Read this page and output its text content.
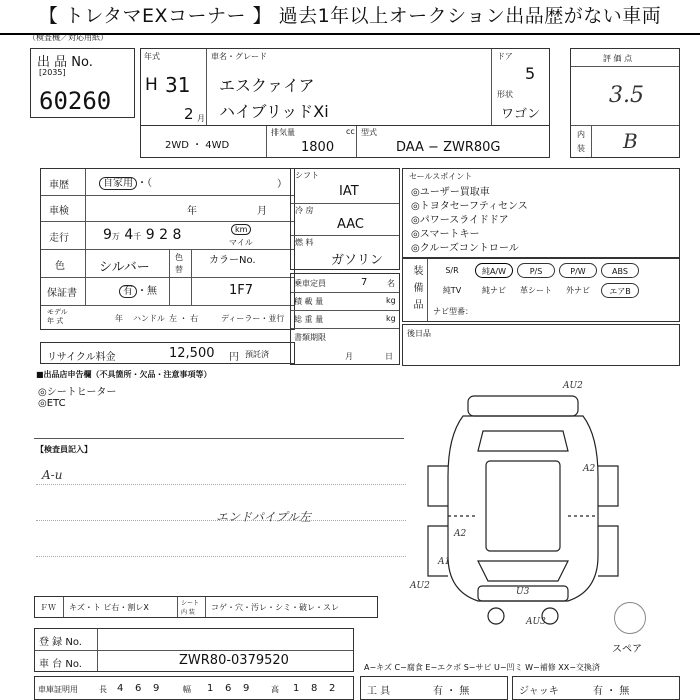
【 トレタマEXコーナー 】 過去1年以上オークション出品歴がない車両
（検査機／対応用紙）
出 品 No.
[2035]
60260
年式
H 31
2 月
車名・グレード
エスクァイア
ハイブリッドXi
ドア
5
形状
ワゴン
2WD ・ 4WD
排気量	cc
1800
型式
DAA − ZWR80G
評 価 点
3.5
内
装 B
車歴	自家用 ・（	）
車検	年	月
走行 9万 4千 9 2 8	km
マイル
色	シルバー
色
替
カラーNo.
保証書	有 ・無	1F7
モデル
年 式	年 ハンドル 左 ・ 右	ディーラー・並行
リサイクル料金	12,500 円 預託済
シフト
IAT
冷 房
AAC
燃 料
ガソリン
乗車定員	7 名
積 載 量	kg
総 重 量	kg
書類期限
月	日
セールスポイント
◎ユーザー買取車
◎トヨタセーフティセンス
◎パワースライドドア
◎スマートキー
◎クルーズコントロール
装 備 品	S/R	純A/W	P/S	P/W	ABS
純TV	純ナビ	革シート	外ナビ	エアB
ナビ型番：
後日品
■出品店申告欄（不具箇所・欠品・注意事項等）
◎シートヒーター
◎ETC
【検査員記入】
A-u
エンドパイプル左
AU2
A2
A2
A1
AU2
U3
AU3
スペア
ＦＷ キズ・ト ビ右・割レX	シート
内 装
コゲ・穴・汚レ・シミ・破レ・スレ
登 録 No.
車 台 No.	ZWR80-0379520	A−キズ C−腐食 E−エクボ S−サビ U−凹ミ W−補修 XX−交換済
車庫証明用	長 4 6 9	幅 1 6 9	高 1 8 2	工 具	有 ・ 無	ジャッキ	有 ・ 無
